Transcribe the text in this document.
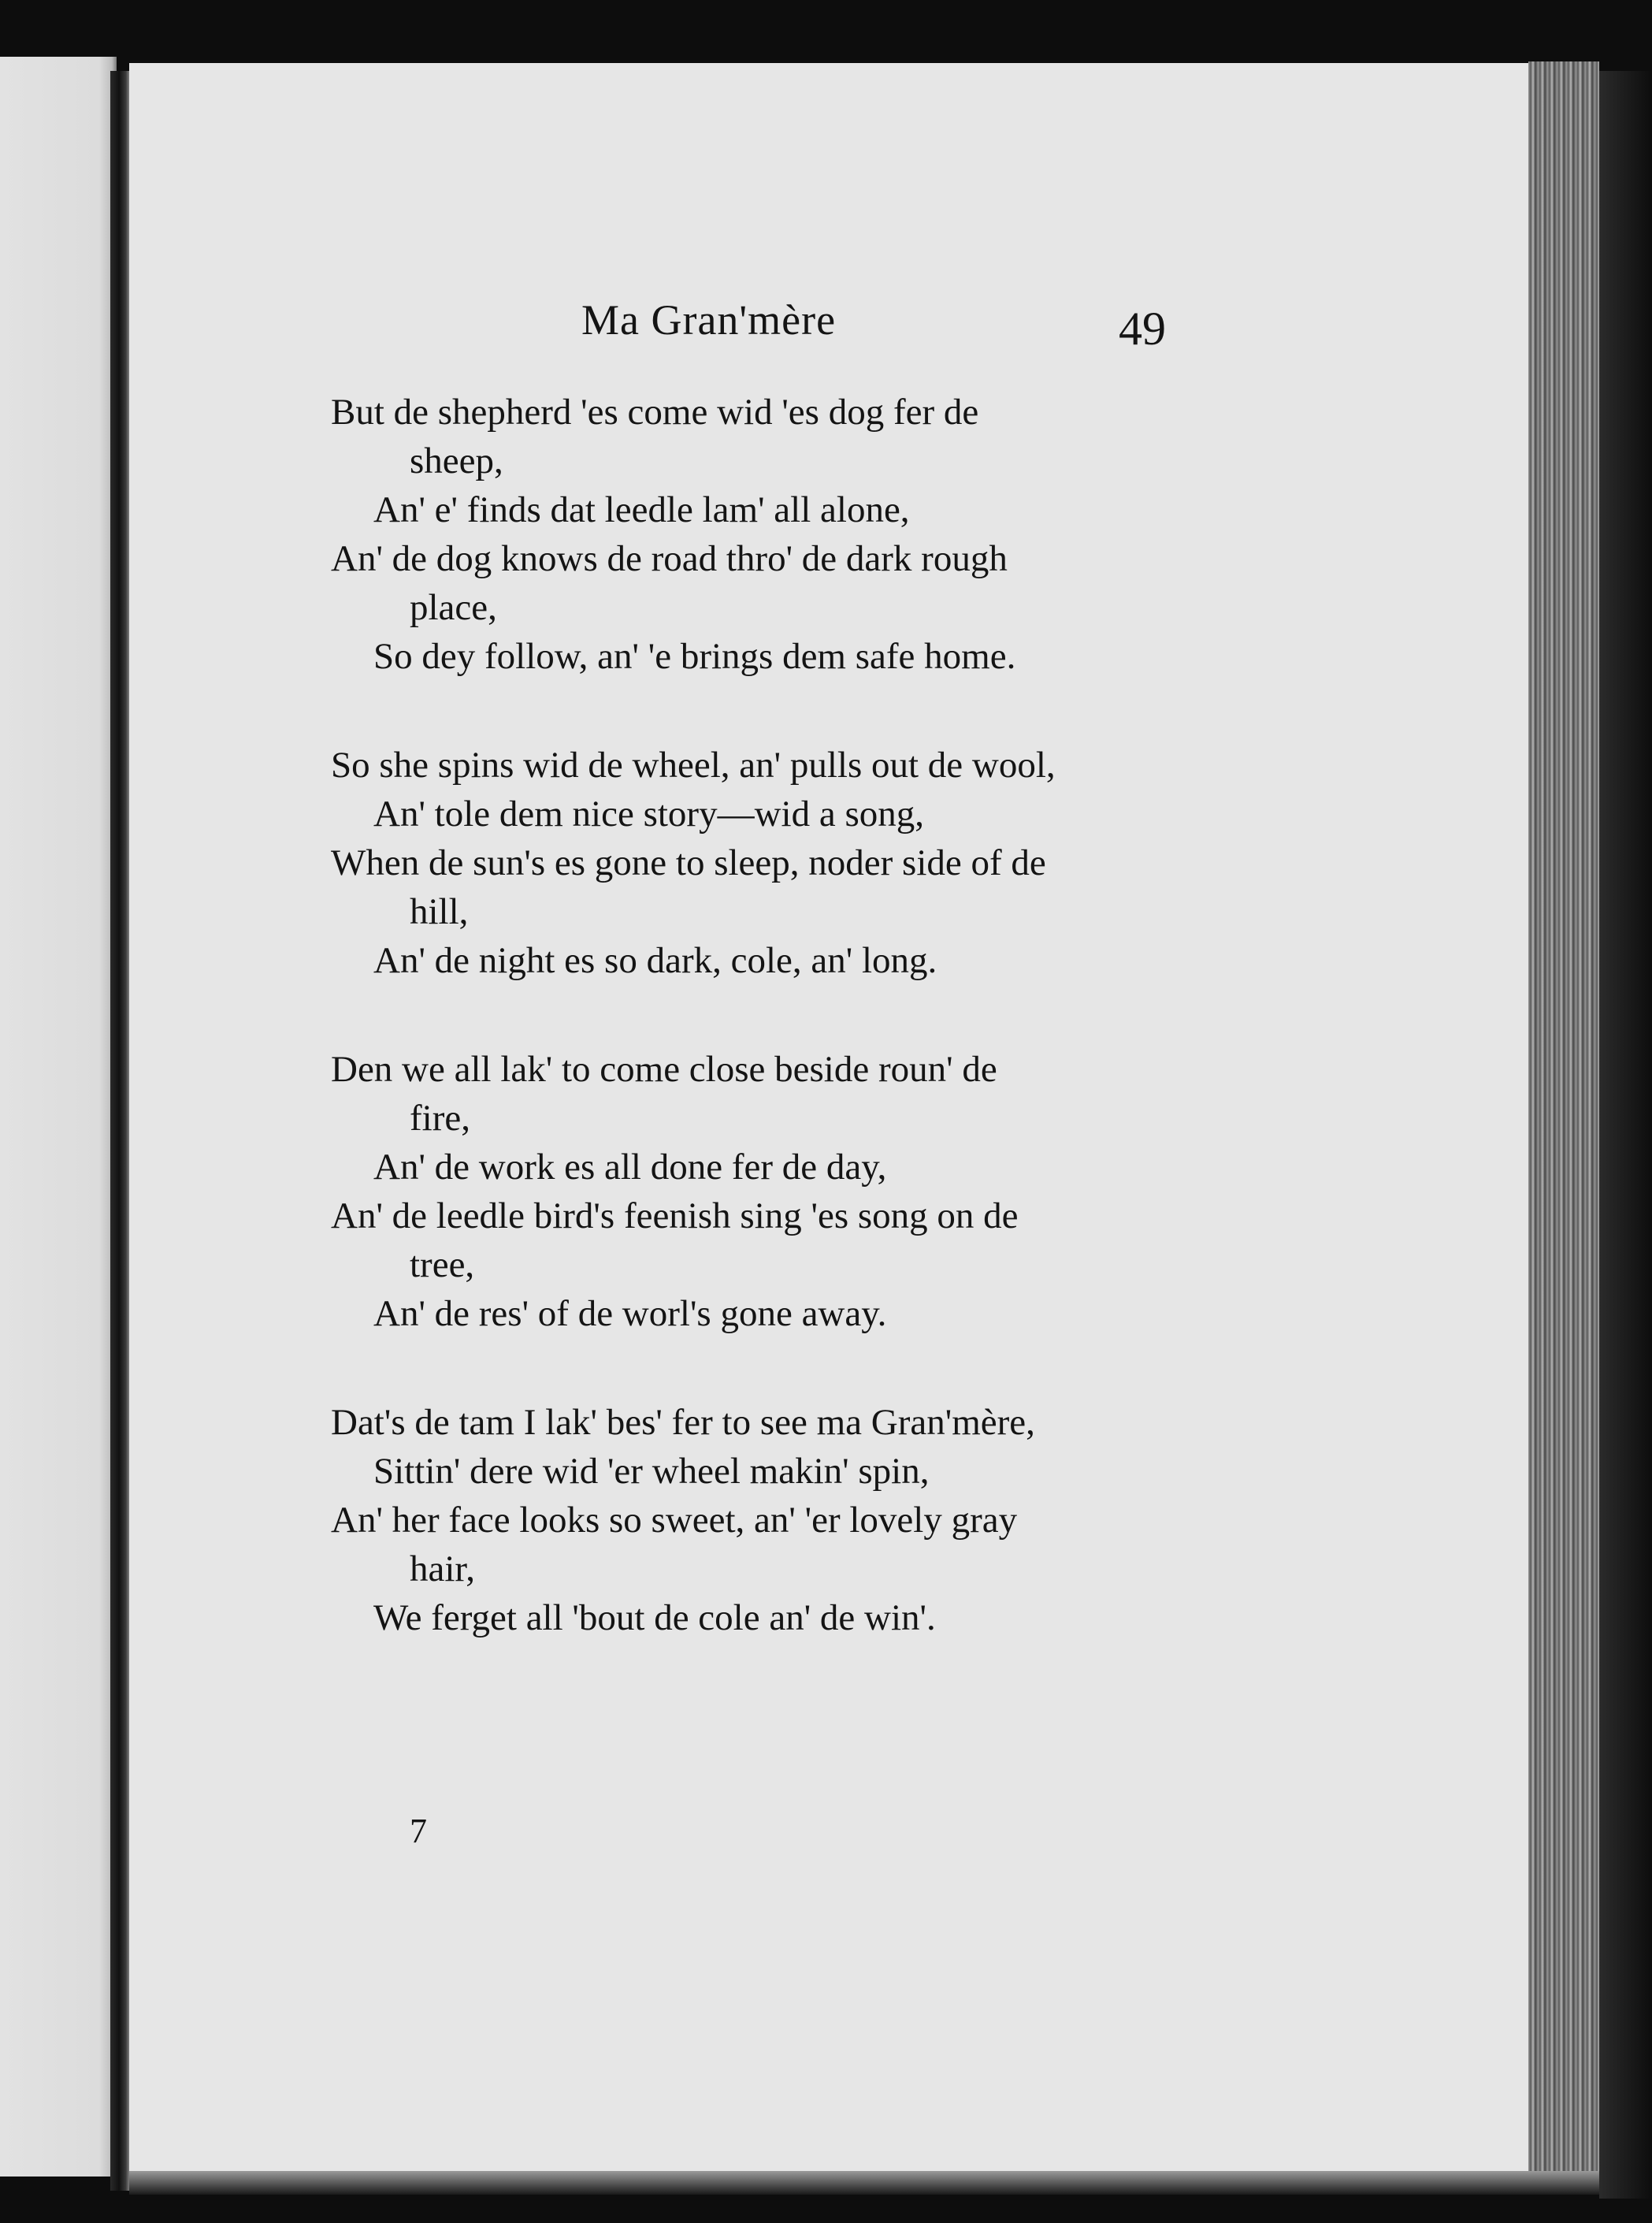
Ma Gran'mère	49
But de shepherd 'es come wid 'es dog fer de
sheep,
An' e' finds dat leedle lam' all alone,
An' de dog knows de road thro' de dark rough
place,
So dey follow, an' 'e brings dem safe home.
So she spins wid de wheel, an' pulls out de wool,
An' tole dem nice story—wid a song,
When de sun's es gone to sleep, noder side of de
hill,
An' de night es so dark, cole, an' long.
Den we all lak' to come close beside roun' de
fire,
An' de work es all done fer de day,
An' de leedle bird's feenish sing 'es song on de
tree,
An' de res' of de worl's gone away.
Dat's de tam I lak' bes' fer to see ma Gran'mère,
Sittin' dere wid 'er wheel makin' spin,
An' her face looks so sweet, an' 'er lovely gray
hair,
We ferget all 'bout de cole an' de win'.
7
